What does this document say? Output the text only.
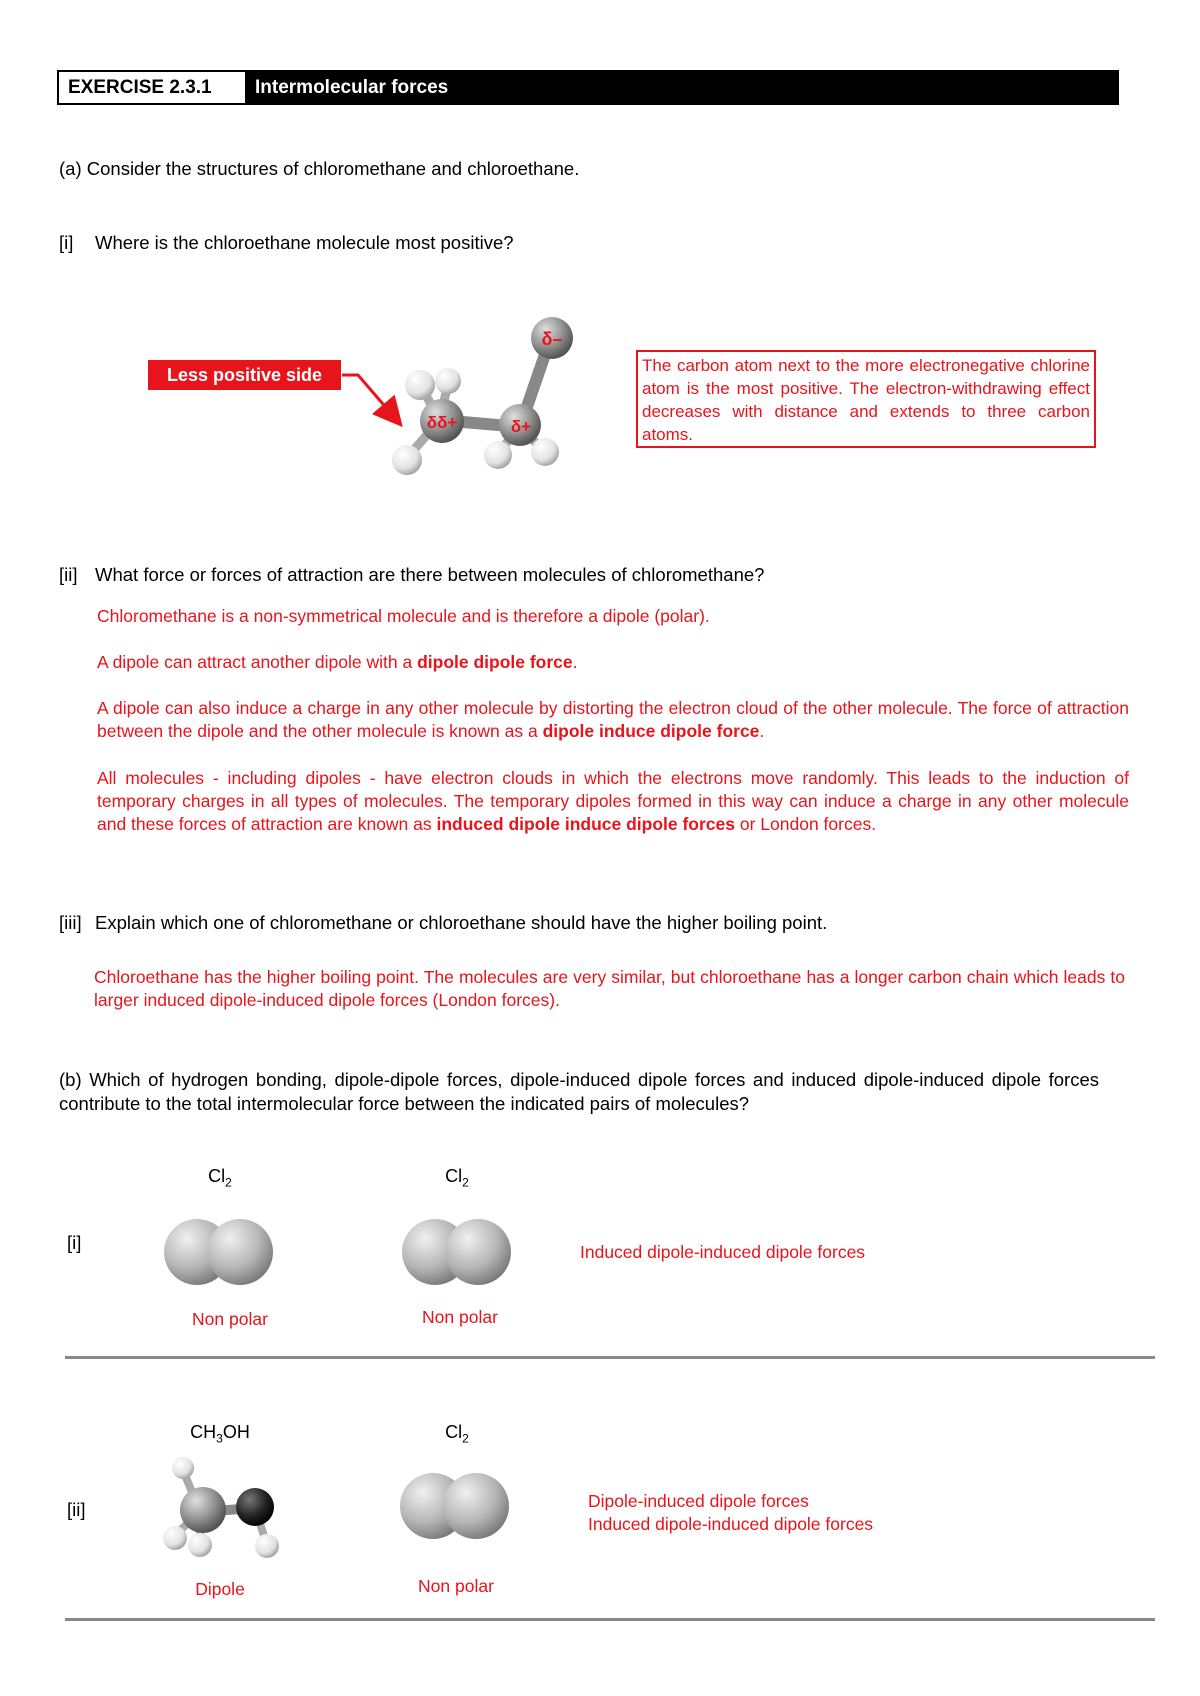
EXERCISE 2.3.1	Intermolecular forces
(a) Consider the structures of chloromethane and chloroethane.
[i] Where is the chloroethane molecule most positive?
Less positive side
δ–
δδ+	δ+
The carbon atom next to the more electronegative chlorine atom is the most positive. The electron-withdrawing effect decreases with distance and extends to three carbon atoms.
[ii] What force or forces of attraction are there between molecules of chloromethane?
Chloromethane is a non-symmetrical molecule and is therefore a dipole (polar).
A dipole can attract another dipole with a dipole dipole force.
A dipole can also induce a charge in any other molecule by distorting the electron cloud of the other molecule. The force of attraction between the dipole and the other molecule is known as a dipole induce dipole force.
All molecules - including dipoles - have electron clouds in which the electrons move randomly. This leads to the induction of temporary charges in all types of molecules. The temporary dipoles formed in this way can induce a charge in any other molecule and these forces of attraction are known as induced dipole induce dipole forces or London forces.
[iii] Explain which one of chloromethane or chloroethane should have the higher boiling point.
Chloroethane has the higher boiling point. The molecules are very similar, but chloroethane has a longer carbon chain which leads to larger induced dipole-induced dipole forces (London forces).
(b) Which of hydrogen bonding, dipole-dipole forces, dipole-induced dipole forces and induced dipole-induced dipole forces contribute to the total intermolecular force between the indicated pairs of molecules?
$Cl_2$	$Cl_2$
[i]	Induced dipole-induced dipole forces
Non polar	Non polar
$CH_3OH$	$Cl_2$
[ii]	Dipole-induced dipole forces
Induced dipole-induced dipole forces
Dipole	Non polar
